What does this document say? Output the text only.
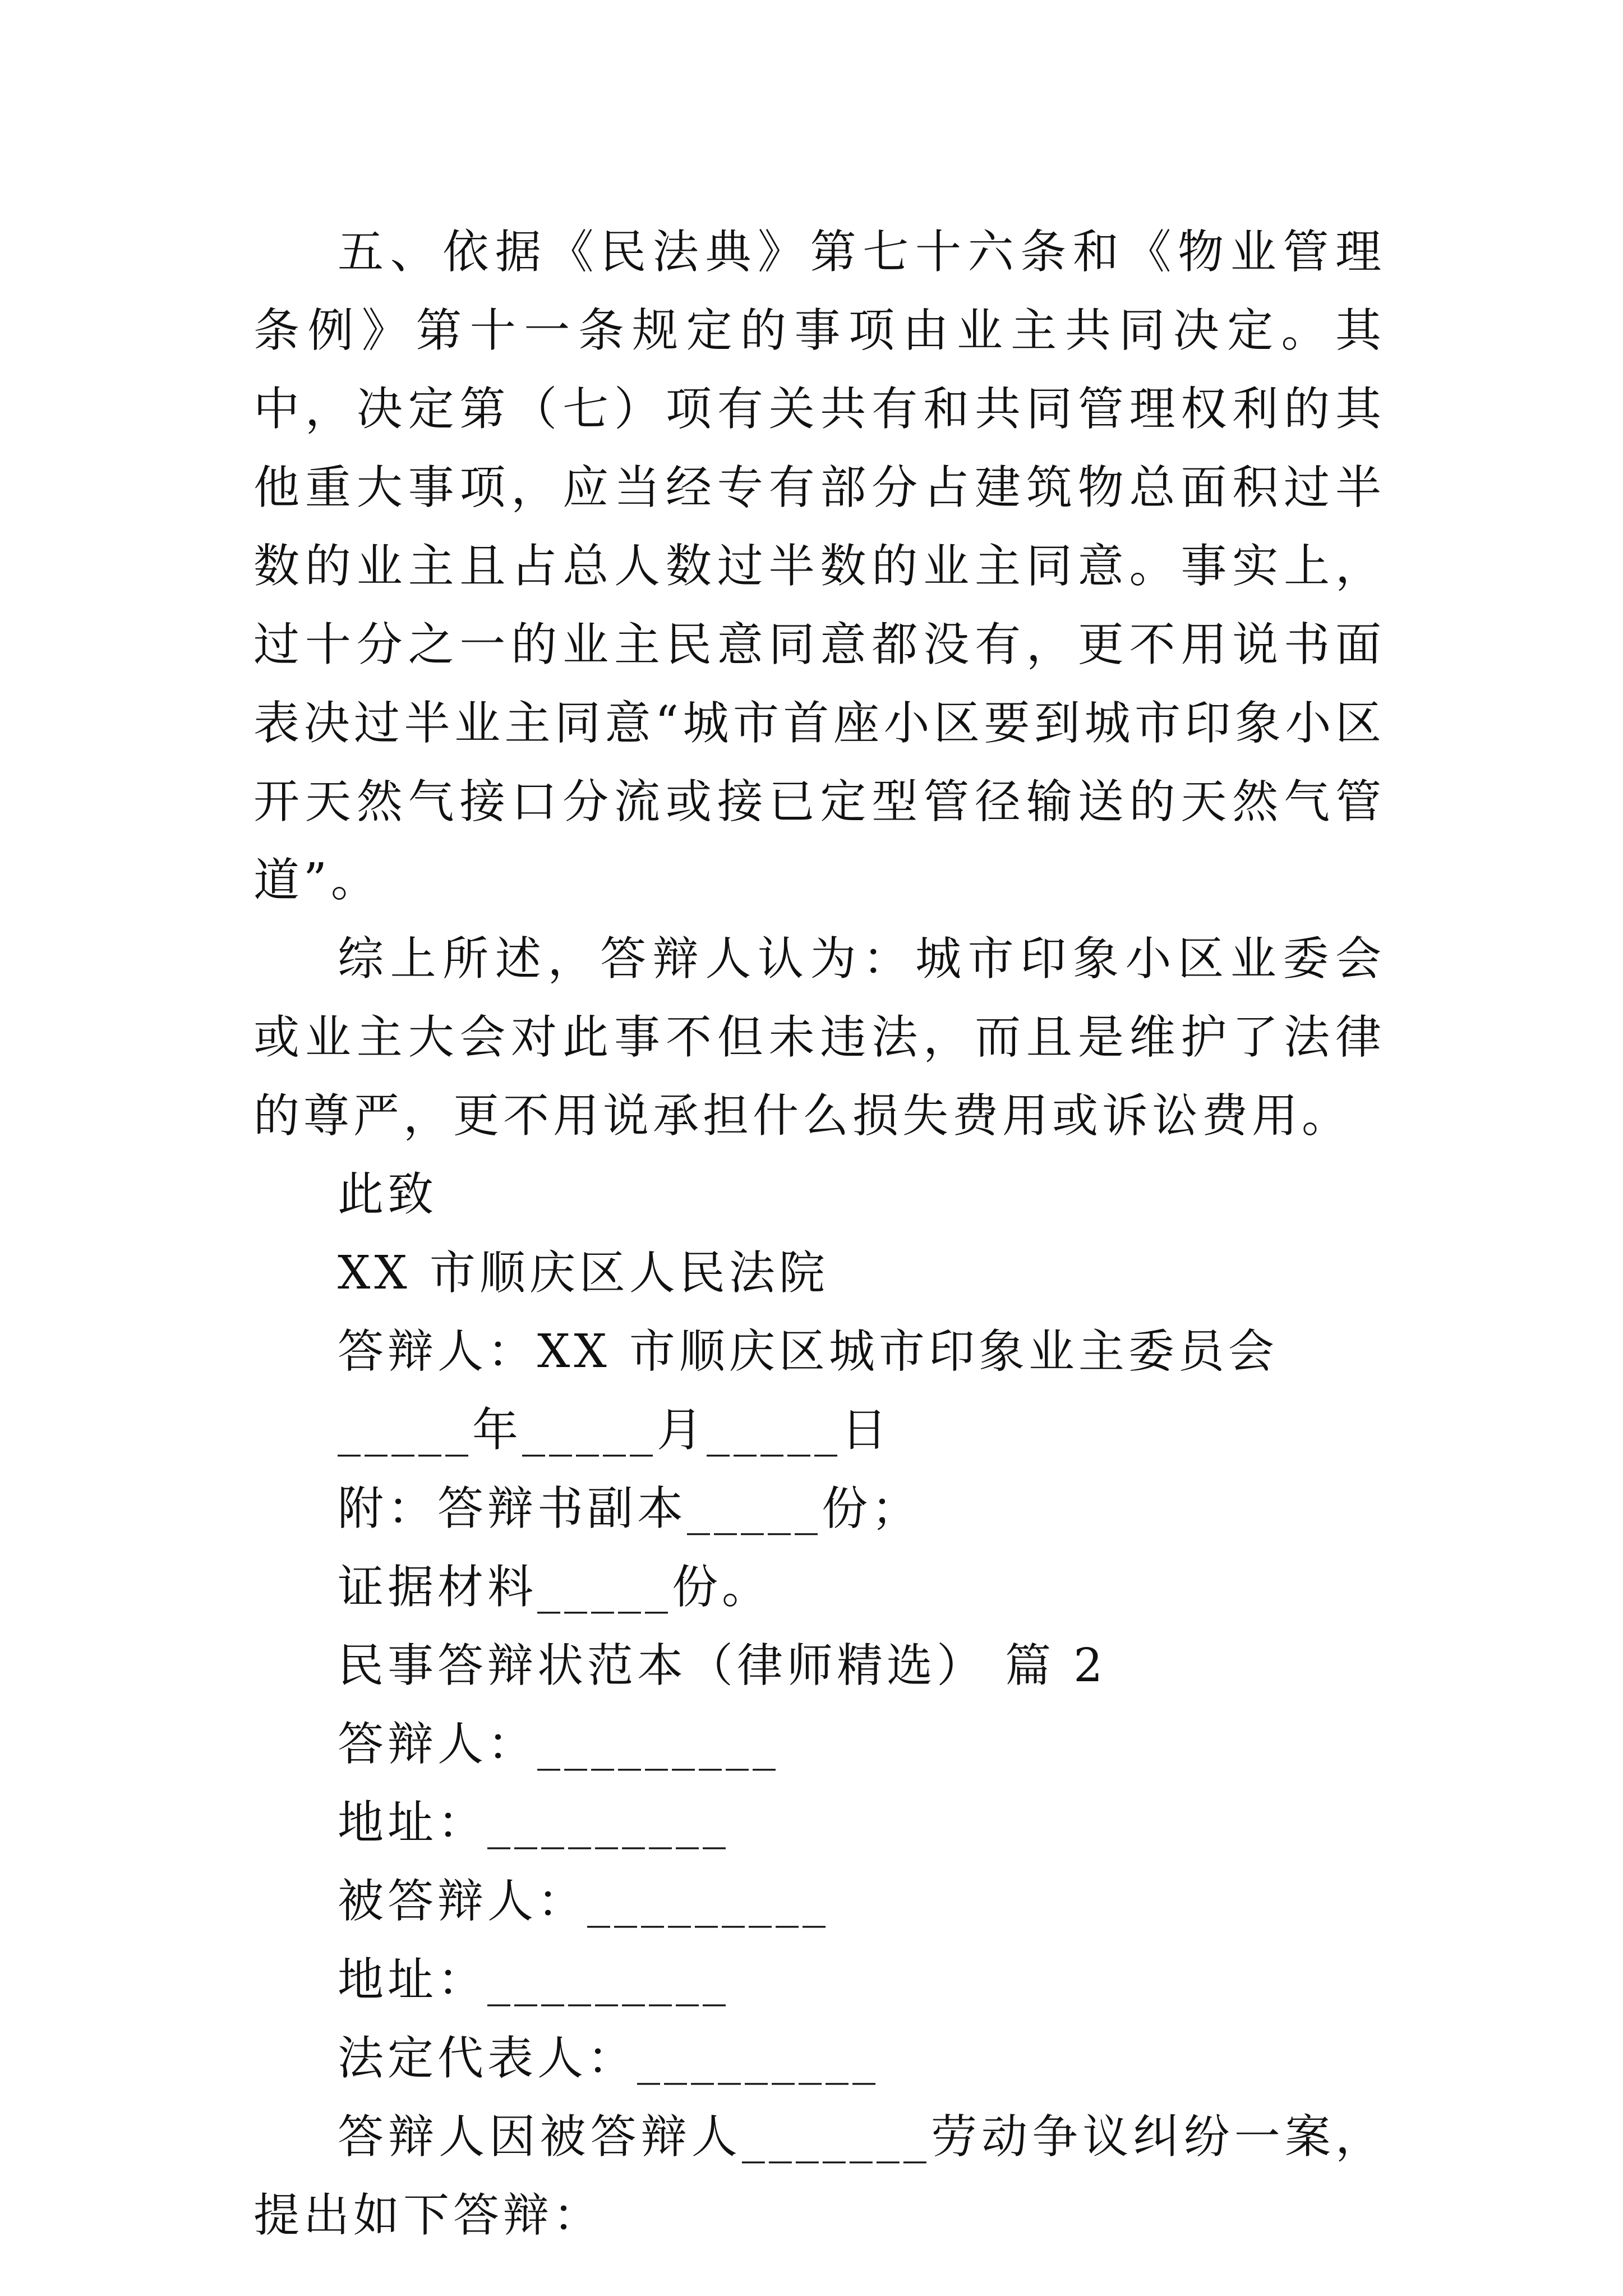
五、依据《民法典》第七十六条和《物业管理条例》第十一条规定的事项由业主共同决定。其中，决定第（七）项有关共有和共同管理权利的其他重大事项，应当经专有部分占建筑物总面积过半数的业主且占总人数过半数的业主同意。事实上，过十分之一的业主民意同意都没有，更不用说书面表决过半业主同意“城市首座小区要到城市印象小区开天然气接口分流或接已定型管径输送的天然气管道”。

综上所述，答辩人认为：城市印象小区业委会或业主大会对此事不但未违法，而且是维护了法律的尊严，更不用说承担什么损失费用或诉讼费用。

此致

XX 市顺庆区人民法院

答辩人：XX 市顺庆区城市印象业主委员会

_____年_____月_____日

附：答辩书副本_____份；

证据材料_____份。

民事答辩状范本（律师精选） 篇 2

答辩人：_________

地址：_________

被答辩人：_________

地址：_________

法定代表人：_________

答辩人因被答辩人_______劳动争议纠纷一案，提出如下答辩：
